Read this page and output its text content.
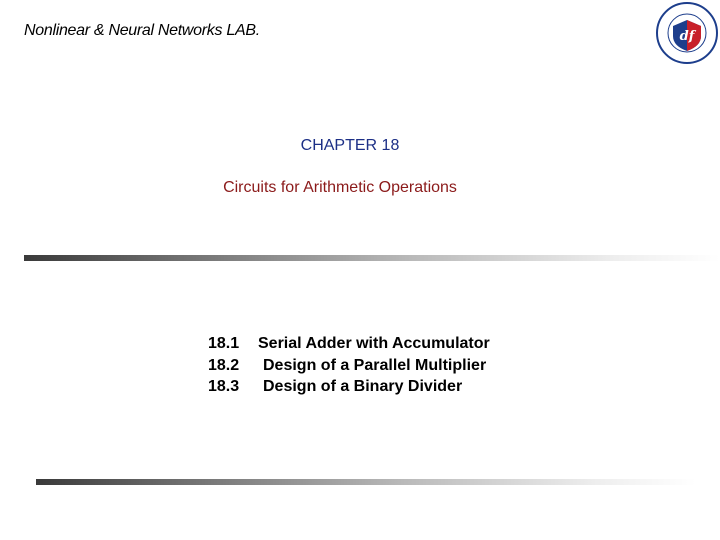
Nonlinear & Neural Networks LAB.	df
CHAPTER 18
Circuits for Arithmetic Operations
18.1 Serial Adder with Accumulator
18.2 Design of a Parallel Multiplier
18.3 Design of a Binary Divider
